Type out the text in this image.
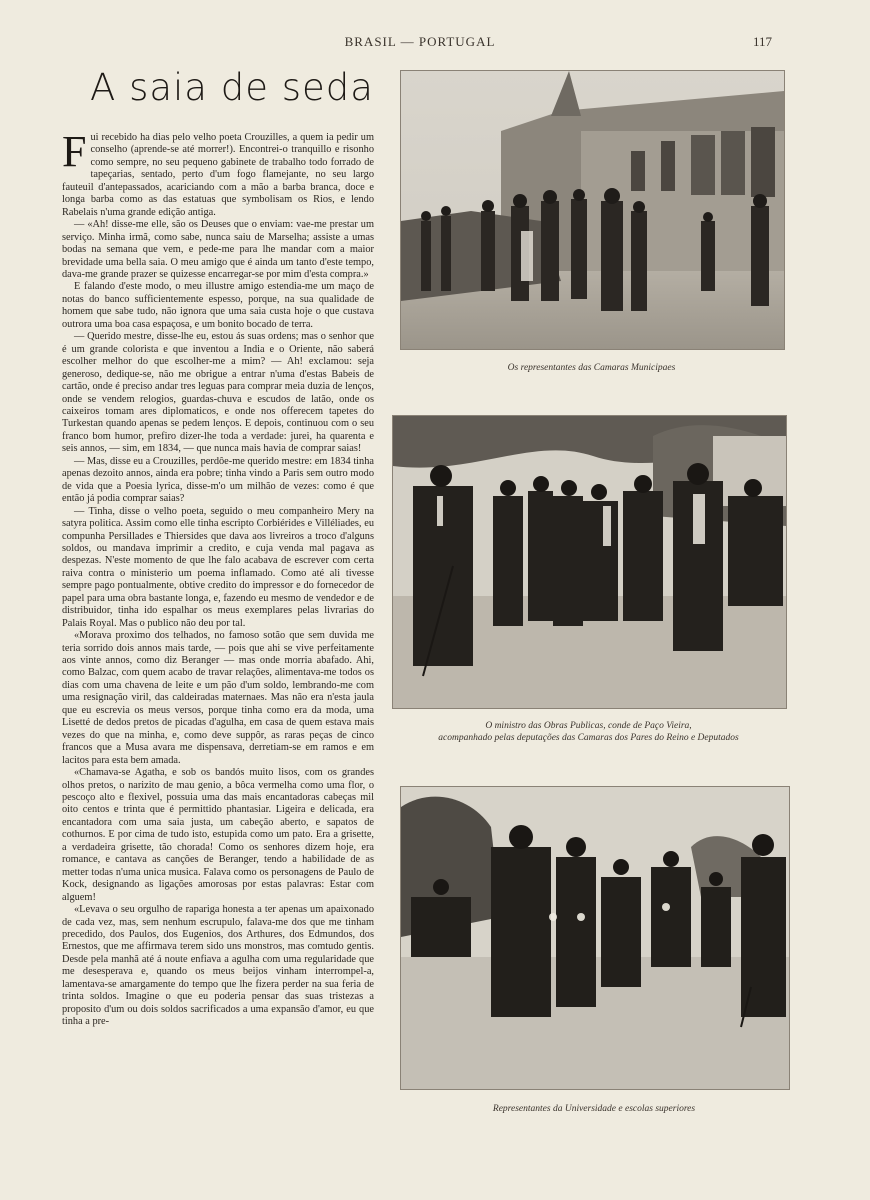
BRASIL — PORTUGAL	117
A saia de seda

Fui recebido ha dias pelo velho poeta Crouzilles, a quem ia pedir um conselho (aprende-se até morrer!). Encontrei-o tranquillo e risonho como sempre, no seu pequeno gabinete de trabalho todo forrado de tapeçarias, sentado, perto d'um fogo flamejante, no seu largo fauteuil d'antepassados, acariciando com a mão a barba branca, doce e longa barba como as das estatuas que symbolisam os Rios, e lendo Rabelais n'uma grande edição antiga.

— «Ah! disse-me elle, são os Deuses que o enviam: vae-me prestar um serviço. Minha irmã, como sabe, nunca saiu de Marselha; assiste a umas bodas na semana que vem, e pede-me para lhe mandar com a maior brevidade uma bella saia. O meu amigo que é ainda um tanto d'este tempo, dava-me grande prazer se quizesse encarregar-se por mim d'esta compra.»

E falando d'este modo, o meu illustre amigo estendia-me um maço de notas do banco sufficientemente espesso, porque, na sua qualidade de homem que sabe tudo, não ignora que uma saia custa hoje o que custava outrora uma boa casa espaçosa, e um bonito bocado de terra.

— Querido mestre, disse-lhe eu, estou ás suas ordens; mas o senhor que é um grande colorista e que inventou a India e o Oriente, não saberá escolher melhor do que escolher-me a mim? — Ah! exclamou: seja generoso, dedique-se, não me obrigue a entrar n'uma d'estas Babeis de cartão, onde é preciso andar tres leguas para comprar meia duzia de lenços, onde se vendem relogios, guardas-chuva e escudos de latão, onde os caixeiros tomam ares diplomaticos, e onde nos offerecem tapetes do Turkestan quando apenas se pedem lenços. E depois, continuou com o seu franco bom humor, prefiro dizer-lhe toda a verdade: jurei, ha quarenta e seis annos, — sim, em 1834, — que nunca mais havia de comprar saias!

— Mas, disse eu a Crouzilles, perdôe-me querido mestre: em 1834 tinha apenas dezoito annos, ainda era pobre; tinha vindo a Paris sem outro modo de vida que a Poesia lyrica, disse-m'o um milhão de vezes: como é que então já podia comprar saias?

— Tinha, disse o velho poeta, seguido o meu companheiro Mery na satyra politica. Assim como elle tinha escripto Corbiérides e Villéliades, eu compunha Persillades e Thiersides que dava aos livreiros a troco d'alguns soldos, ou mandava imprimir a credito, e cuja venda mal pagava as despezas. N'este momento de que lhe falo acabava de escrever com certa raiva contra o ministerio um poema inflamado. Como até ali tivesse sempre pago pontualmente, obtive credito do impressor e do fornecedor de papel para uma obra bastante longa, e, fazendo eu mesmo de vendedor e de distribuidor, tinha ido espalhar os meus exemplares pelas livrarias do Palais Royal. Mas o publico não deu por tal.

«Morava proximo dos telhados, no famoso sotão que sem duvida me teria sorrido dois annos mais tarde, — pois que ahi se vive perfeitamente aos vinte annos, como diz Beranger — mas onde morria abafado. Ahi, como Balzac, com quem acabo de travar relações, alimentava-me todos os dias com uma chavena de leite e um pão d'um soldo, lembrando-me com uma resignação viril, das caldeiradas maternaes. Mas não era n'esta jaula que eu escrevia os meus versos, porque tinha como era da moda, uma Lisetté de dedos pretos de picadas d'agulha, em casa de quem estava mais vezes do que na minha, e, como deve suppôr, as raras peças de cinco francos que a Musa avara me dispensava, derretiam-se em ramos e em lacitos para esta bem amada.

«Chamava-se Agatha, e sob os bandós muito lisos, com os grandes olhos pretos, o narizito de mau genio, a bôca vermelha como uma flor, o pescoço alto e flexivel, possuia uma das mais encantadoras cabeças mil oito centos e trinta que é permittido phantasiar. Ligeira e delicada, era encantadora com uma saia justa, um cabeção aberto, e sapatos de cothurnos. E por cima de tudo isto, estupida como um pato. Era a grisette, a verdadeira grisette, tão chorada! Como os senhores dizem hoje, era romance, e cantava as canções de Beranger, tendo a habilidade de as metter todas n'uma unica musica. Falava como os personagens de Paulo de Kock, designando as ligações amorosas por estas palavras: Estar com alguem!

«Levava o seu orgulho de rapariga honesta a ter apenas um apaixonado de cada vez, mas, sem nenhum escrupulo, falava-me dos que me tinham precedido, dos Paulos, dos Eugenios, dos Arthures, dos Edmundos, dos Ernestos, que me affirmava terem sido uns monstros, mas comtudo gentis. Desde pela manhã até á noute enfiava a agulha com uma regularidade que me desesperava e, quando os meus beijos vinham interrompel-a, lamentava-se amargamente do tempo que lhe fizera perder na sua feria de trinta soldos. Imagine o que eu poderia pensar das suas tristezas a proposito d'um ou dois soldos sacrificados a uma expansão d'amor, eu que tinha a pre-

Os representantes das Camaras Municipaes
O ministro das Obras Publicas, conde de Paço Vieira,
acompanhado pelas deputações das Camaras dos Pares do Reino e Deputados
Representantes da Universidade e escolas superiores
